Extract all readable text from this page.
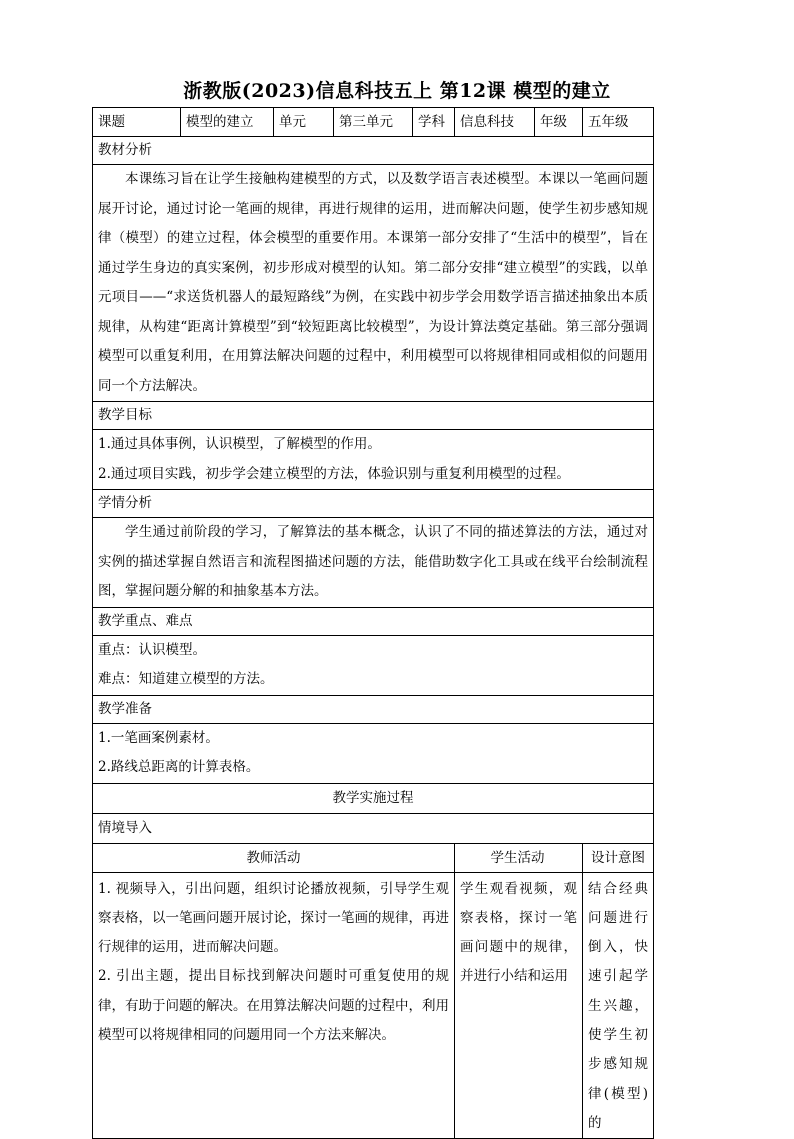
浙教版(2023)信息科技五上 第12课 模型的建立
课题	模型的建立	单元	第三单元	学科	信息科技	年级	五年级
教材分析							
本课练习旨在让学生接触构建模型的方式，以及数学语言表述模型。本课以一笔画问题展开讨论，通过讨论一笔画的规律，再进行规律的运用，进而解决问题，使学生初步感知规律（模型）的建立过程，体会模型的重要作用。本课第一部分安排了“生活中的模型”，旨在通过学生身边的真实案例，初步形成对模型的认知。第二部分安排“建立模型”的实践，以单元项目——“求送货机器人的最短路线”为例，在实践中初步学会用数学语言描述抽象出本质规律，从构建“距离计算模型”到“较短距离比较模型”，为设计算法奠定基础。第三部分强调模型可以重复利用，在用算法解决问题的过程中，利用模型可以将规律相同或相似的问题用同一个方法解决。							
教学目标							

1.通过具体事例，认识模型，了解模型的作用。
2.通过项目实践，初步学会建立模型的方法，体验识别与重复利用模型的过程。							

学情分析							
学生通过前阶段的学习，了解算法的基本概念，认识了不同的描述算法的方法，通过对实例的描述掌握自然语言和流程图描述问题的方法，能借助数字化工具或在线平台绘制流程图，掌握问题分解的和抽象基本方法。							
教学重点、难点							

重点：认识模型。
难点：知道建立模型的方法。							

教学准备							

1.一笔画案例素材。
2.路线总距离的计算表格。							

教学实施过程							
情境导入							
教师活动					学生活动		设计意图

1. 视频导入，引出问题，组织讨论播放视频，引导学生观察表格，以一笔画问题开展讨论，探讨一笔画的规律，再进行规律的运用，进而解决问题。
2. 引出主题，提出目标找到解决问题时可重复使用的规律，有助于问题的解决。在用算法解决问题的过程中，利用模型可以将规律相同的问题用同一个方法来解决。					学生观看视频，观察表格，探讨一笔画问题中的规律，并进行小结和运用		结合经典问题进行倒入，快速引起学生兴趣，使学生初步感知规律(模型)的
